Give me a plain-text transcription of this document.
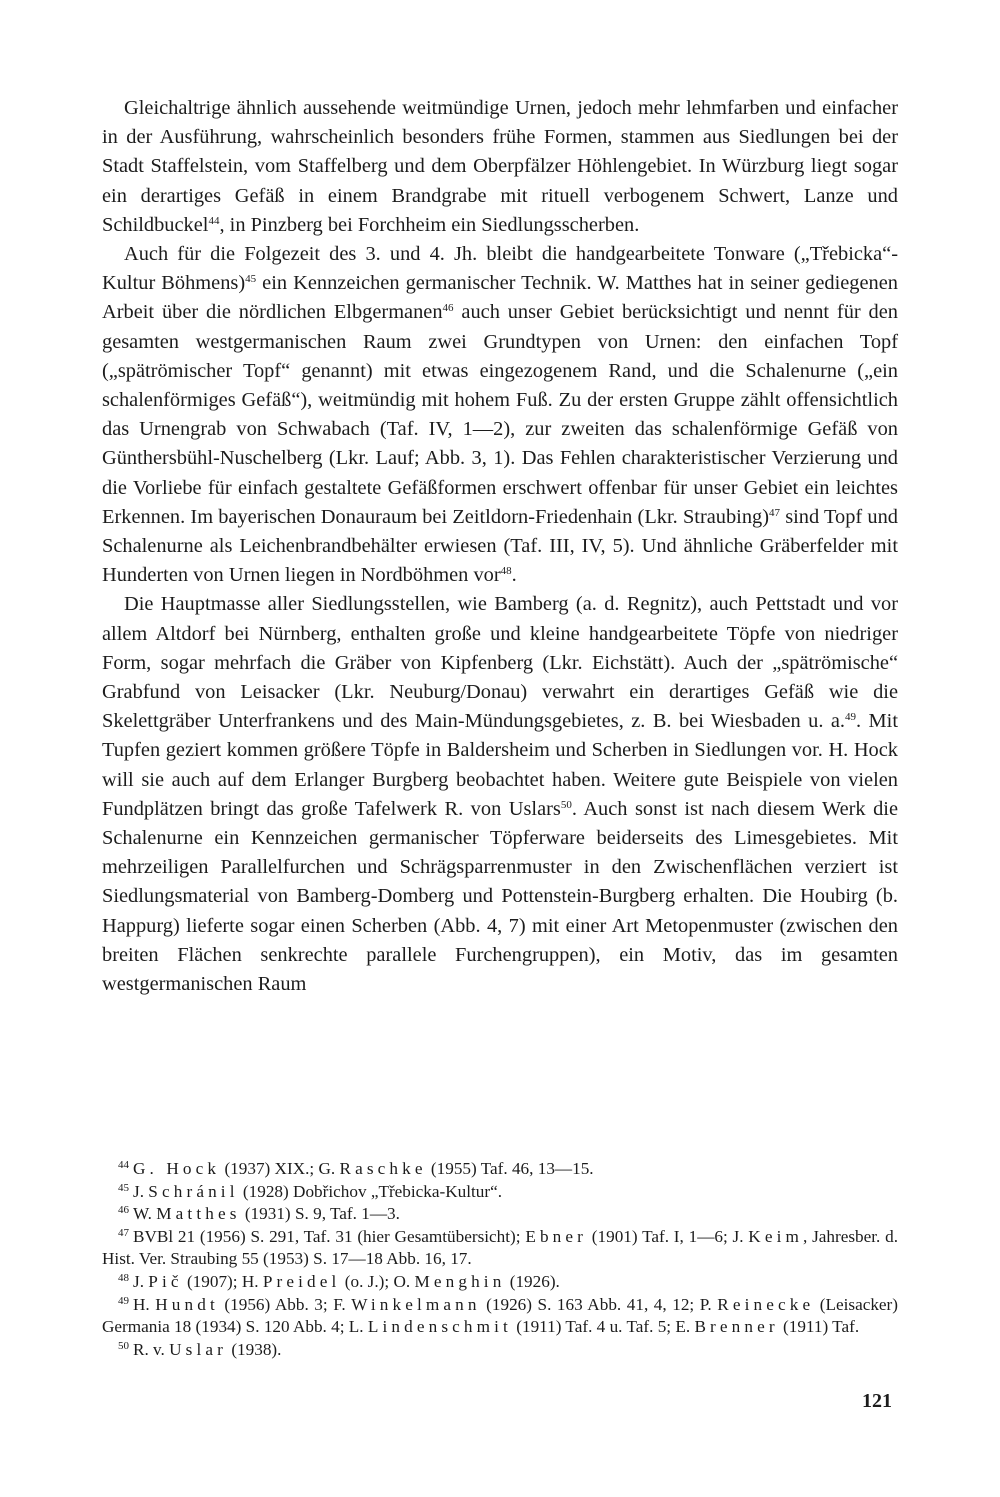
Gleichaltrige ähnlich aussehende weitmündige Urnen, jedoch mehr lehmfarben und einfacher in der Ausführung, wahrscheinlich besonders frühe Formen, stammen aus Siedlungen bei der Stadt Staffelstein, vom Staffelberg und dem Oberpfälzer Höhlengebiet. In Würzburg liegt sogar ein derartiges Gefäß in einem Brandgrabe mit rituell verbogenem Schwert, Lanze und Schildbuckel$^{44}$, in Pinzberg bei Forchheim ein Siedlungsscherben.

Auch für die Folgezeit des 3. und 4. Jh. bleibt die handgearbeitete Tonware („Třebicka“-Kultur Böhmens)$^{45}$ ein Kennzeichen germanischer Technik. W. Matthes hat in seiner gediegenen Arbeit über die nördlichen Elbgermanen$^{46}$ auch unser Gebiet berücksichtigt und nennt für den gesamten westgermanischen Raum zwei Grundtypen von Urnen: den einfachen Topf („spätrömischer Topf“ genannt) mit etwas eingezogenem Rand, und die Schalenurne („ein schalenförmiges Gefäß“), weitmündig mit hohem Fuß. Zu der ersten Gruppe zählt offensichtlich das Urnengrab von Schwabach (Taf. IV, 1—2), zur zweiten das schalenförmige Gefäß von Günthersbühl-Nuschelberg (Lkr. Lauf; Abb. 3, 1). Das Fehlen charakteristischer Verzierung und die Vorliebe für einfach gestaltete Gefäßformen erschwert offenbar für unser Gebiet ein leichtes Erkennen. Im bayerischen Donauraum bei Zeitldorn-Friedenhain (Lkr. Straubing)$^{47}$ sind Topf und Schalenurne als Leichenbrandbehälter erwiesen (Taf. III, IV, 5). Und ähnliche Gräberfelder mit Hunderten von Urnen liegen in Nordböhmen vor$^{48}$.

Die Hauptmasse aller Siedlungsstellen, wie Bamberg (a. d. Regnitz), auch Pettstadt und vor allem Altdorf bei Nürnberg, enthalten große und kleine handgearbeitete Töpfe von niedriger Form, sogar mehrfach die Gräber von Kipfenberg (Lkr. Eichstätt). Auch der „spätrömische“ Grabfund von Leisacker (Lkr. Neuburg/Donau) verwahrt ein derartiges Gefäß wie die Skelettgräber Unterfrankens und des Main-Mündungsgebietes, z. B. bei Wiesbaden u. a.$^{49}$. Mit Tupfen geziert kommen größere Töpfe in Baldersheim und Scherben in Siedlungen vor. H. Hock will sie auch auf dem Erlanger Burgberg beobachtet haben. Weitere gute Beispiele von vielen Fundplätzen bringt das große Tafelwerk R. von Uslars$^{50}$. Auch sonst ist nach diesem Werk die Schalenurne ein Kennzeichen germanischer Töpferware beiderseits des Limesgebietes. Mit mehrzeiligen Parallelfurchen und Schrägsparrenmuster in den Zwischenflächen verziert ist Siedlungsmaterial von Bamberg-Domberg und Pottenstein-Burgberg erhalten. Die Houbirg (b. Happurg) lieferte sogar einen Scherben (Abb. 4, 7) mit einer Art Metopenmuster (zwischen den breiten Flächen senkrechte parallele Furchengruppen), ein Motiv, das im gesamten westgermanischen Raum

$^{44}$ G. Hock (1937) XIX.; G. Raschke (1955) Taf. 46, 13—15.
$^{45}$ J. Schránil (1928) Dobřichov „Třebicka-Kultur“.
$^{46}$ W. Matthes (1931) S. 9, Taf. 1—3.
$^{47}$ BVBl 21 (1956) S. 291, Taf. 31 (hier Gesamtübersicht); Ebner (1901) Taf. I, 1—6; J. Keim, Jahresber. d. Hist. Ver. Straubing 55 (1953) S. 17—18 Abb. 16, 17.
$^{48}$ J. Pič (1907); H. Preidel (o. J.); O. Menghin (1926).
$^{49}$ H. Hundt (1956) Abb. 3; F. Winkelmann (1926) S. 163 Abb. 41, 4, 12; P. Reinecke (Leisacker) Germania 18 (1934) S. 120 Abb. 4; L. Lindenschmit (1911) Taf. 4 u. Taf. 5; E. Brenner (1911) Taf.
$^{50}$ R. v. Uslar (1938).
121
